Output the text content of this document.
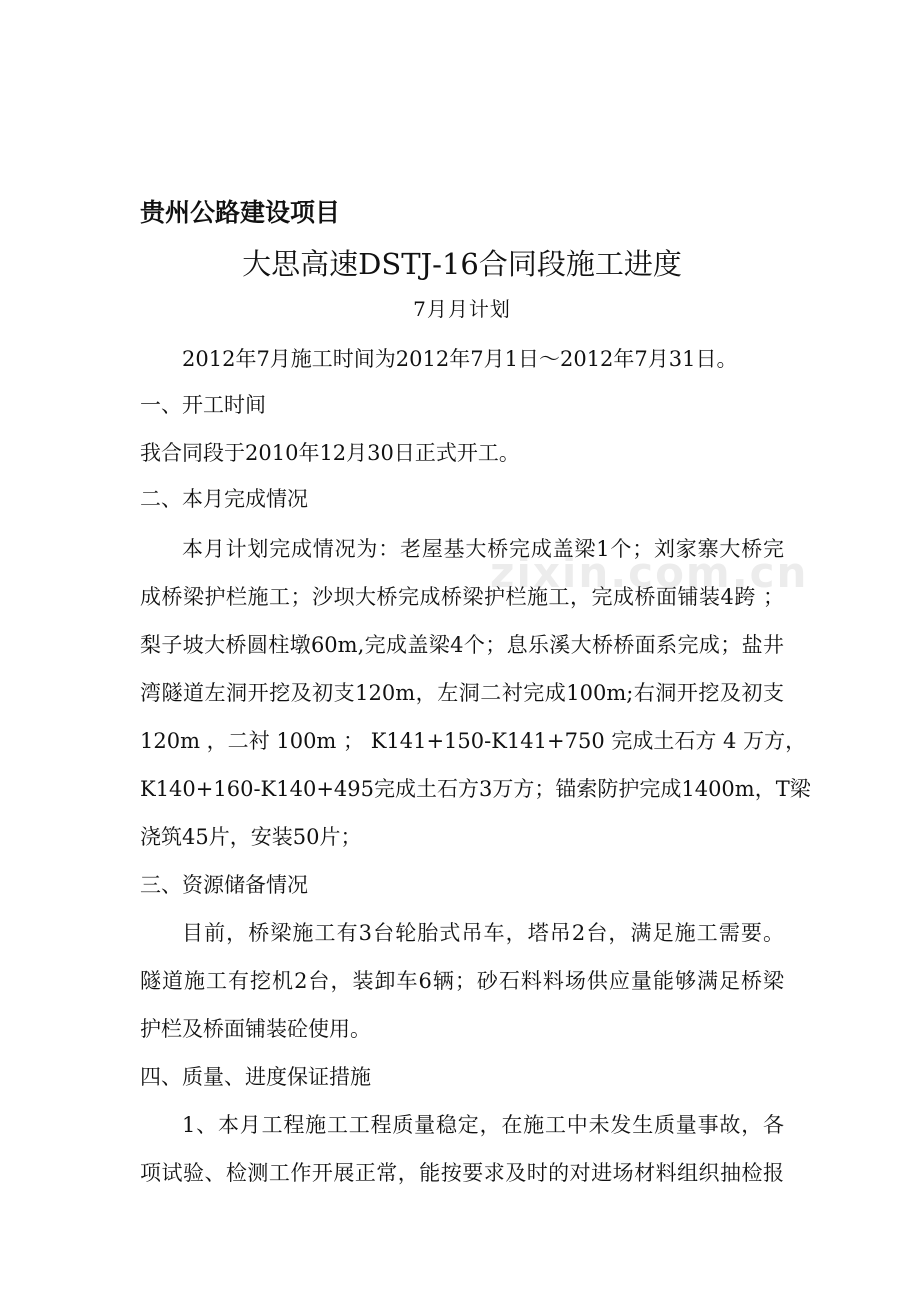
zixin.com.cn
贵州公路建设项目
大思高速DSTJ-16合同段施工进度
7月月计划
2012年7月施工时间为2012年7月1日～2012年7月31日。
一、开工时间
我合同段于2010年12月30日正式开工。
二、本月完成情况
本月计划完成情况为：老屋基大桥完成盖梁1个；刘家寨大桥完
成桥梁护栏施工；沙坝大桥完成桥梁护栏施工，完成桥面铺装4跨 ；
梨子坡大桥圆柱墩60m,完成盖梁4个；息乐溪大桥桥面系完成；盐井
湾隧道左洞开挖及初支120m，左洞二衬完成100m;右洞开挖及初支
120m ，二衬 100m ； K141+150-K141+750 完成土石方 4 万方，
K140+160-K140+495完成土石方3万方；锚索防护完成1400m，T梁
浇筑45片，安装50片；
三、资源储备情况
目前，桥梁施工有3台轮胎式吊车，塔吊2台，满足施工需要。
隧道施工有挖机2台，装卸车6辆；砂石料料场供应量能够满足桥梁
护栏及桥面铺装砼使用。
四、质量、进度保证措施
1、本月工程施工工程质量稳定，在施工中未发生质量事故，各
项试验、检测工作开展正常，能按要求及时的对进场材料组织抽检报
